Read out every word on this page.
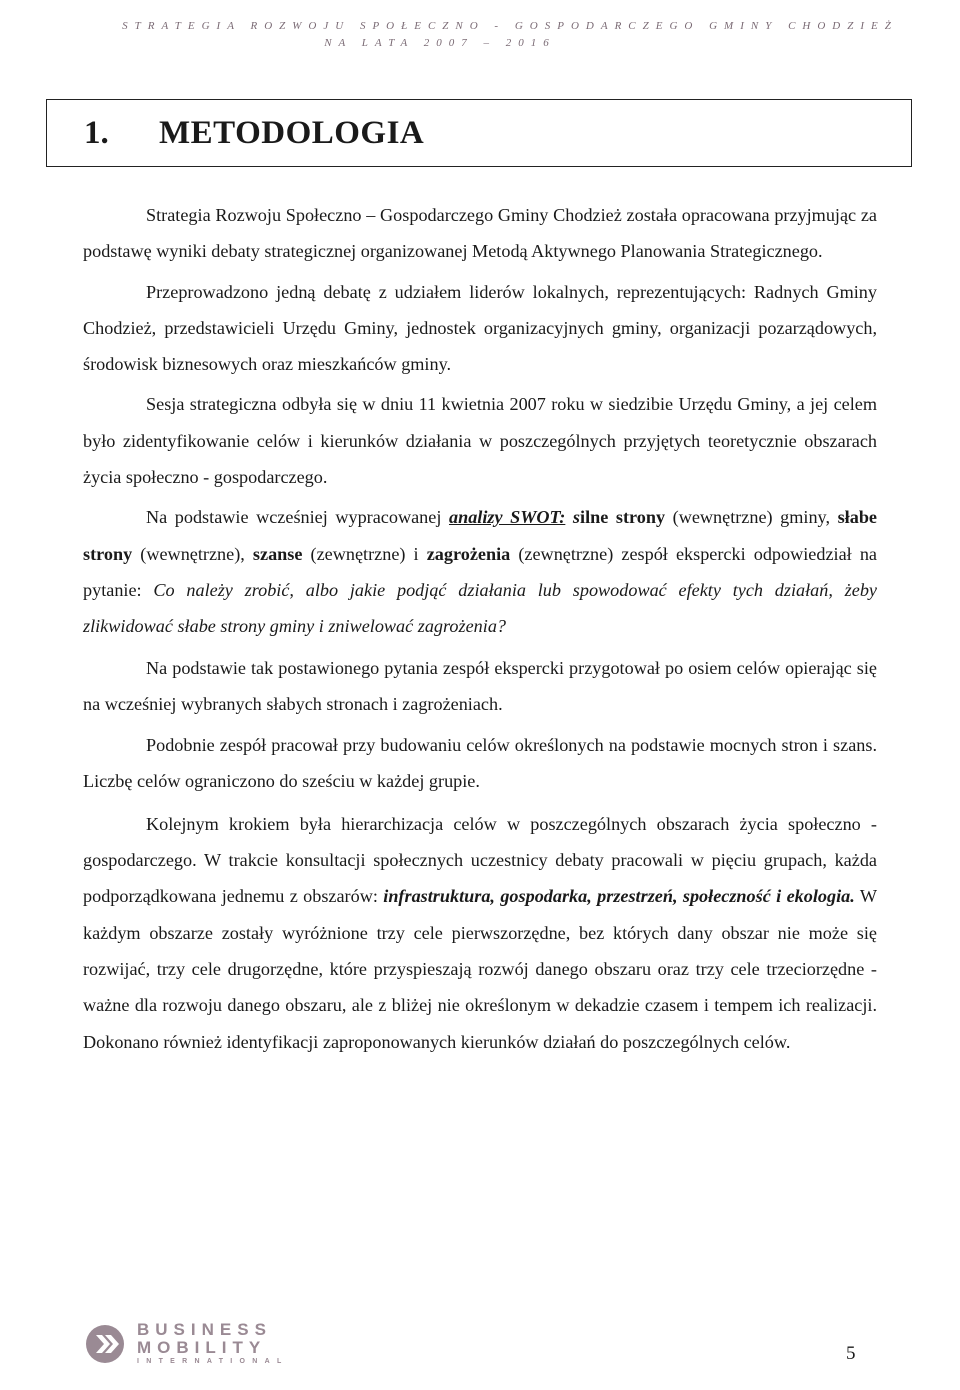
STRATEGIA ROZWOJU SPOŁECZNO - GOSPODARCZEGO GMINY CHODZIEŻ
NA LATA 2007 – 2016
1. METODOLOGIA

Strategia Rozwoju Społeczno – Gospodarczego Gminy Chodzież została opracowana przyjmując za podstawę wyniki debaty strategicznej organizowanej Metodą Aktywnego Planowania Strategicznego.

Przeprowadzono jedną debatę z udziałem liderów lokalnych, reprezentujących: Radnych Gminy Chodzież, przedstawicieli Urzędu Gminy, jednostek organizacyjnych gminy, organizacji pozarządowych, środowisk biznesowych oraz mieszkańców gminy.

Sesja strategiczna odbyła się w dniu 11 kwietnia 2007 roku w siedzibie Urzędu Gminy, a jej celem było zidentyfikowanie celów i kierunków działania w poszczególnych przyjętych teoretycznie obszarach życia społeczno - gospodarczego.

Na podstawie wcześniej wypracowanej analizy SWOT: silne strony (wewnętrzne) gminy, słabe strony (wewnętrzne), szanse (zewnętrzne) i zagrożenia (zewnętrzne) zespół ekspercki odpowiedział na pytanie: Co należy zrobić, albo jakie podjąć działania lub spowodować efekty tych działań, żeby zlikwidować słabe strony gminy i zniwelować zagrożenia?

Na podstawie tak postawionego pytania zespół ekspercki przygotował po osiem celów opierając się na wcześniej wybranych słabych stronach i zagrożeniach.

Podobnie zespół pracował przy budowaniu celów określonych na podstawie mocnych stron i szans. Liczbę celów ograniczono do sześciu w każdej grupie.

Kolejnym krokiem była hierarchizacja celów w poszczególnych obszarach życia społeczno - gospodarczego. W trakcie konsultacji społecznych uczestnicy debaty pracowali w pięciu grupach, każda podporządkowana jednemu z obszarów: infrastruktura, gospodarka, przestrzeń, społeczność i ekologia. W każdym obszarze zostały wyróżnione trzy cele pierwszorzędne, bez których dany obszar nie może się rozwijać, trzy cele drugorzędne, które przyspieszają rozwój danego obszaru oraz trzy cele trzeciorzędne - ważne dla rozwoju danego obszaru, ale z bliżej nie określonym w dekadzie czasem i tempem ich realizacji. Dokonano również identyfikacji zaproponowanych kierunków działań do poszczególnych celów.

BUSINESS
MOBILITY
INTERNATIONAL	5
